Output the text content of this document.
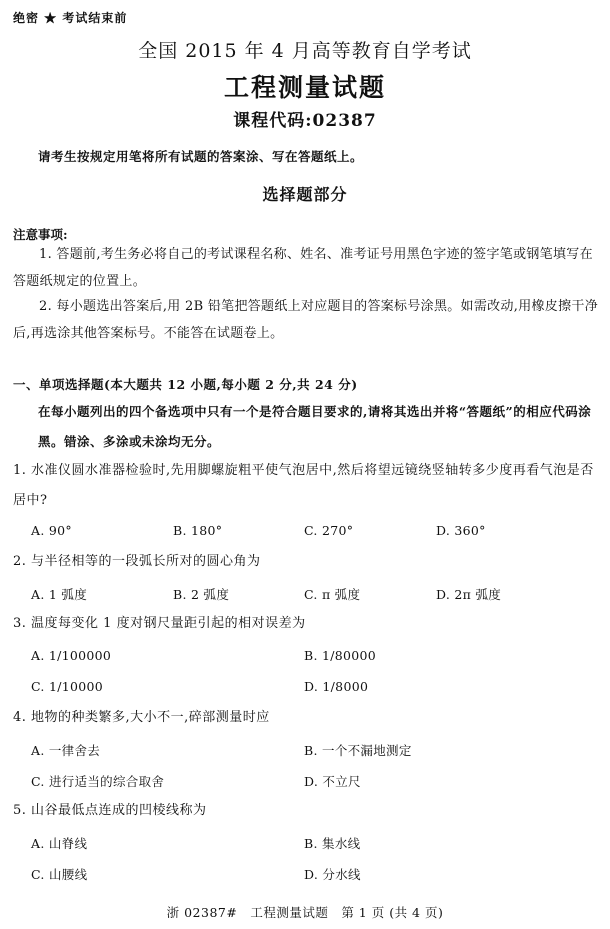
绝密 ★ 考试结束前
全国 2015 年 4 月高等教育自学考试
工程测量试题
课程代码:02387
请考生按规定用笔将所有试题的答案涂、写在答题纸上。
选择题部分
注意事项:
1. 答题前,考生务必将自己的考试课程名称、姓名、准考证号用黑色字迹的签字笔或钢笔填写在答题纸规定的位置上。
2. 每小题选出答案后,用 2B 铅笔把答题纸上对应题目的答案标号涂黑。如需改动,用橡皮擦干净后,再选涂其他答案标号。不能答在试题卷上。
一、单项选择题(本大题共 12 小题,每小题 2 分,共 24 分)
在每小题列出的四个备选项中只有一个是符合题目要求的,请将其选出并将“答题纸”的相应代码涂黑。错涂、多涂或未涂均无分。
1. 水准仪圆水准器检验时,先用脚螺旋粗平使气泡居中,然后将望远镜绕竖轴转多少度再看气泡是否居中?
A. 90°	B. 180°	C. 270°	D. 360°
2. 与半径相等的一段弧长所对的圆心角为
A. 1 弧度	B. 2 弧度	C. π 弧度	D. 2π 弧度
3. 温度每变化 1 度对钢尺量距引起的相对误差为
A. 1/100000	B. 1/80000
C. 1/10000	D. 1/8000
4. 地物的种类繁多,大小不一,碎部测量时应
A. 一律舍去	B. 一个不漏地测定
C. 进行适当的综合取舍	D. 不立尺
5. 山谷最低点连成的凹棱线称为
A. 山脊线	B. 集水线
C. 山腰线	D. 分水线
浙 02387#　工程测量试题　第 1 页 (共 4 页)
